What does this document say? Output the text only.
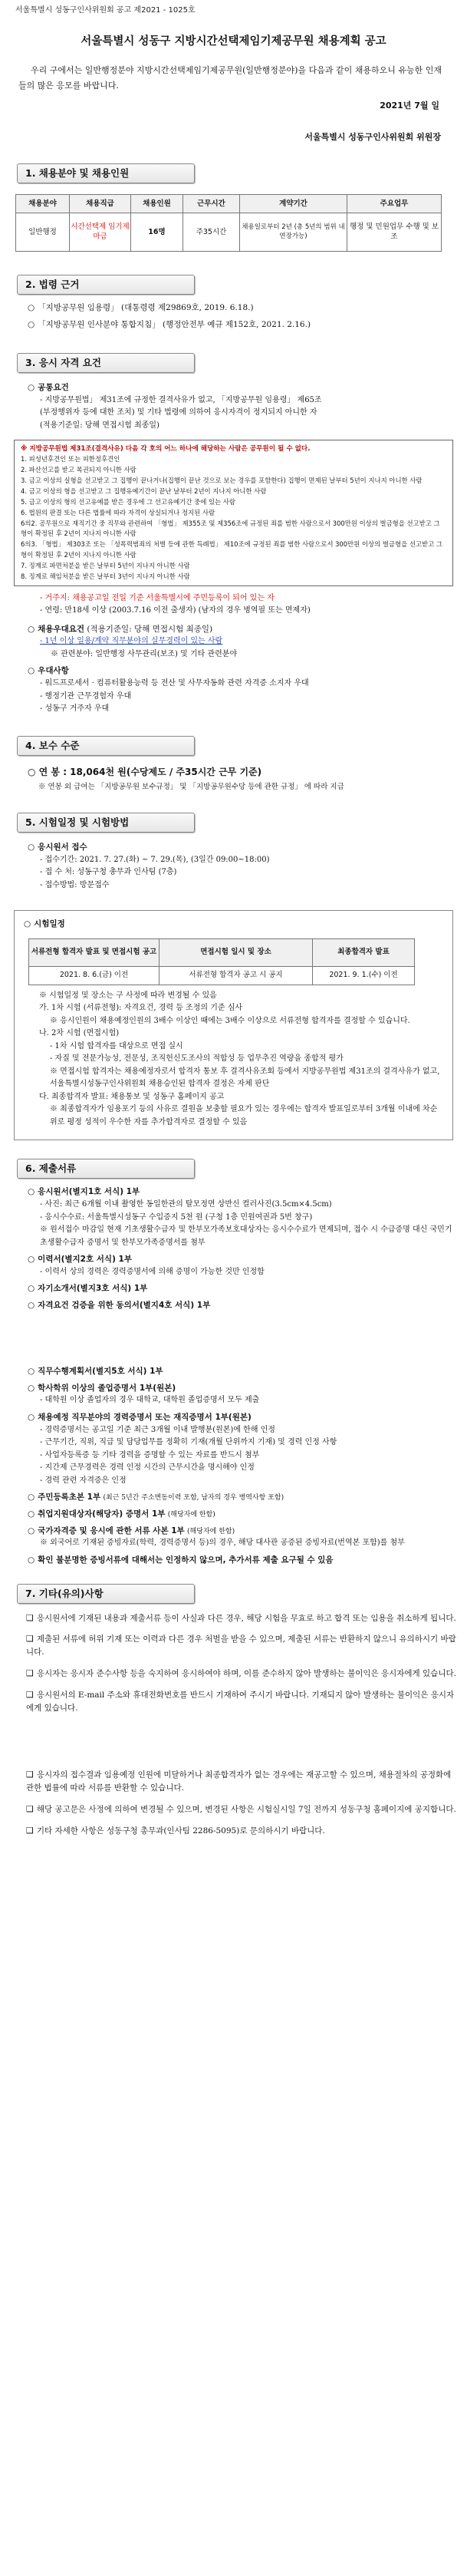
서울특별시 성동구인사위원회 공고 제2021 - 1025호
서울특별시 성동구 지방시간선택제임기제공무원 채용계획 공고

우리 구에서는 일반행정분야 지방시간선택제임기제공무원(일반행정분야)을 다음과 같이 채용하오니 유능한 인재들의 많은 응모를 바랍니다.

2021년 7월 일
서울특별시 성동구인사위원회 위원장
1. 채용분야 및 채용인원
채용분야	채용직급	채용인원	근무시간	계약기간	주요업무
일반행정	시간선택제 임기제마급	16명	주35시간	채용일로부터 2년 (총 5년의 범위 내 연장가능)	행정 및 민원업무 수행 및 보조
2. 법령 근거
○ 「지방공무원 임용령」 (대통령령 제29869호, 2019. 6.18.)
○ 「지방공무원 인사분야 통합지침」 (행정안전부 예규 제152호, 2021. 2.16.)
3. 응시 자격 요건
○ 공통요건
- 지방공무원법」 제31조에 규정한 결격사유가 없고, 「지방공무원 임용령」 제65조
(부정행위자 등에 대한 조치) 및 기타 법령에 의하여 응시자격이 정지되지 아니한 자
(적용기준일: 당해 면접시험 최종일)
※ 지방공무원법 제31조(결격사유) 다음 각 호의 어느 하나에 해당하는 사람은 공무원이 될 수 없다.
1. 피성년후견인 또는 피한정후견인
2. 파산선고를 받고 복권되지 아니한 사람
3. 금고 이상의 실형을 선고받고 그 집행이 끝나거나(집행이 끝난 것으로 보는 경우를 포함한다) 집행이 면제된 날부터 5년이 지나지 아니한 사람
4. 금고 이상의 형을 선고받고 그 집행유예기간이 끝난 날부터 2년이 지나지 아니한 사람
5. 금고 이상의 형의 선고유예를 받은 경우에 그 선고유예기간 중에 있는 사람
6. 법원의 판결 또는 다른 법률에 따라 자격이 상실되거나 정지된 사람
6의2. 공무원으로 재직기간 중 직무와 관련하여 「형법」 제355조 및 제356조에 규정된 죄를 범한 사람으로서 300만원 이상의 벌금형을 선고받고 그 형이 확정된 후 2년이 지나지 아니한 사람
6의3. 「형법」 제303조 또는 「성폭력범죄의 처벌 등에 관한 특례법」 제10조에 규정된 죄를 범한 사람으로서 300만원 이상의 벌금형을 선고받고 그 형이 확정된 후 2년이 지나지 아니한 사람
7. 징계로 파면처분을 받은 날부터 5년이 지나지 아니한 사람
8. 징계로 해임처분을 받은 날부터 3년이 지나지 아니한 사람
- 거주지: 채용공고일 전일 기준 서울특별시에 주민등록이 되어 있는 자
- 연령: 만18세 이상 (2003.7.16 이전 출생자) (남자의 경우 병역필 또는 면제자)
○ 채용우대요건 (적용기준일: 당해 면접시험 최종일)
- 1년 이상 일용/계약 직무분야의 실무경력이 있는 사람
※ 관련분야: 일반행정 사무관리(보조) 및 기타 관련분야
○ 우대사항
- 워드프로세서 · 컴퓨터활용능력 등 전산 및 사무자동화 관련 자격증 소지자 우대
- 행정기관 근무경험자 우대
- 성동구 거주자 우대
4. 보수 수준
○ 연 봉 : 18,064천 원(수당제도 / 주35시간 근무 기준)
※ 연봉 외 급여는 「지방공무원 보수규정」 및 「지방공무원수당 등에 관한 규정」 에 따라 지급
5. 시험일정 및 시험방법
○ 응시원서 접수
- 접수기간: 2021. 7. 27.(화) ~ 7. 29.(목), (3일간 09:00~18:00)
- 접 수 처: 성동구청 총무과 인사팀 (7층)
- 접수방법: 방문접수
○ 시험일정
서류전형 합격자 발표 및 면접시험 공고	면접시험 일시 및 장소	최종합격자 발표
2021. 8. 6.(금) 이전	서류전형 합격자 공고 시 공지	2021. 9. 1.(수) 이전
※ 시험일정 및 장소는 구 사정에 따라 변경될 수 있음
가. 1차 시험 (서류전형): 자격요건, 경력 등 조정의 기준 심사
※ 응시인원이 채용예정인원의 3배수 이상인 때에는 3배수 이상으로 서류전형 합격자를 결정할 수 있습니다.
나. 2차 시험 (면접시험)
- 1차 시험 합격자를 대상으로 면접 실시
- 자질 및 전문가능성, 전문성, 조직헌신도조사의 적합성 등 업무추진 역량을 종합적 평가
※ 면접시험 합격자는 채용예정자로서 합격자 통보 후 결격사유조회 등에서 지방공무원법 제31조의 결격사유가 없고, 서울특별시성동구인사위원회 채용승인된 합격자 결정은 자체 판단
다. 최종합격자 발표: 채용통보 및 성동구 홈페이지 공고
※ 최종합격자가 임용포기 등의 사유로 결원을 보충할 필요가 있는 경우에는 합격자 발표일로부터 3개월 이내에 차순위로 평정 성적이 우수한 자를 추가합격자로 결정할 수 있음
6. 제출서류
○ 응시원서(별지1호 서식) 1부
- 사진: 최근 6개월 이내 촬영한 동일한관의 탈모정면 상반신 컬러사진(3.5cm×4.5cm)
- 응시수수료: 서울특별시성동구 수입증지 5천 원 (구청 1층 민원여권과 5번 창구)
※ 원서접수 마감일 현재 기초생활수급자 및 한부모가족보호대상자는 응시수수료가 면제되며, 접수 시 수급증명 대신 국민기초생활수급자 증명서 및 한부모가족증명서를 첨부
○ 이력서(별지2호 서식) 1부
- 이력서 상의 경력은 경력증명서에 의해 증명이 가능한 것만 인정함
○ 자기소개서(별지3호 서식) 1부
○ 자격요건 검증을 위한 동의서(별지4호 서식) 1부
○ 직무수행계획서(별지5호 서식) 1부
○ 학사학위 이상의 졸업증명서 1부(원본)
- 대학원 이상 졸업자의 경우 대학교, 대학원 졸업증명서 모두 제출
○ 채용예정 직무분야의 경력증명서 또는 재직증명서 1부(원본)
- 경력증명서는 공고일 기준 최근 3개월 이내 발행분(원본)에 한해 인정
- 근무기간, 직위, 직급 및 담당업무를 정확히 기재(개월 단위까지 기재) 및 경력 인정 사항
- 사업자등록증 등 기타 경력을 증명할 수 있는 자료를 반드시 첨부
- 지간제 근무경력은 경력 인정 시간의 근무시간을 명시해야 인정
- 경력 관련 자격증은 인정
○ 주민등록초본 1부 (최근 5년간 주소변동이력 포함, 남자의 경우 병역사항 포함)
○ 취업지원대상자(해당자) 증명서 1부 (해당자에 한함)
○ 국가자격증 및 응시에 관한 서류 사본 1부 (해당자에 한함)
※ 외국어로 기재된 증빙자료(학력, 경력증명서 등)의 경우, 해당 대사관 공증된 증빙자료(번역본 포함)를 첨부
○ 확인 불분명한 증빙서류에 대해서는 인정하지 않으며, 추가서류 제출 요구될 수 있음
7. 기타(유의)사항
❑ 응시원서에 기재된 내용과 제출서류 등이 사실과 다른 경우, 해당 시험을 무효로 하고 합격 또는 임용을 취소하게 됩니다.
❑ 제출된 서류에 허위 기재 또는 이력과 다른 경우 처벌을 받을 수 있으며, 제출된 서류는 반환하지 않으니 유의하시기 바랍니다.
❑ 응시자는 응시자 준수사항 등을 숙지하여 응시하여야 하며, 이를 준수하지 않아 발생하는 불이익은 응시자에게 있습니다.
❑ 응시원서의 E-mail 주소와 휴대전화번호를 반드시 기재하여 주시기 바랍니다. 기재되지 않아 발생하는 불이익은 응시자에게 있습니다.
❑ 응시자의 접수결과 임용예정 인원에 미달하거나 최종합격자가 없는 경우에는 재공고할 수 있으며, 채용절차의 공정화에 관한 법률에 따라 서류를 반환할 수 있습니다.
❑ 해당 공고문은 사정에 의하여 변경될 수 있으며, 변경된 사항은 시험실시일 7일 전까지 성동구청 홈페이지에 공지합니다.
❑ 기타 자세한 사항은 성동구청 총무과(인사팀 2286-5095)로 문의하시기 바랍니다.
